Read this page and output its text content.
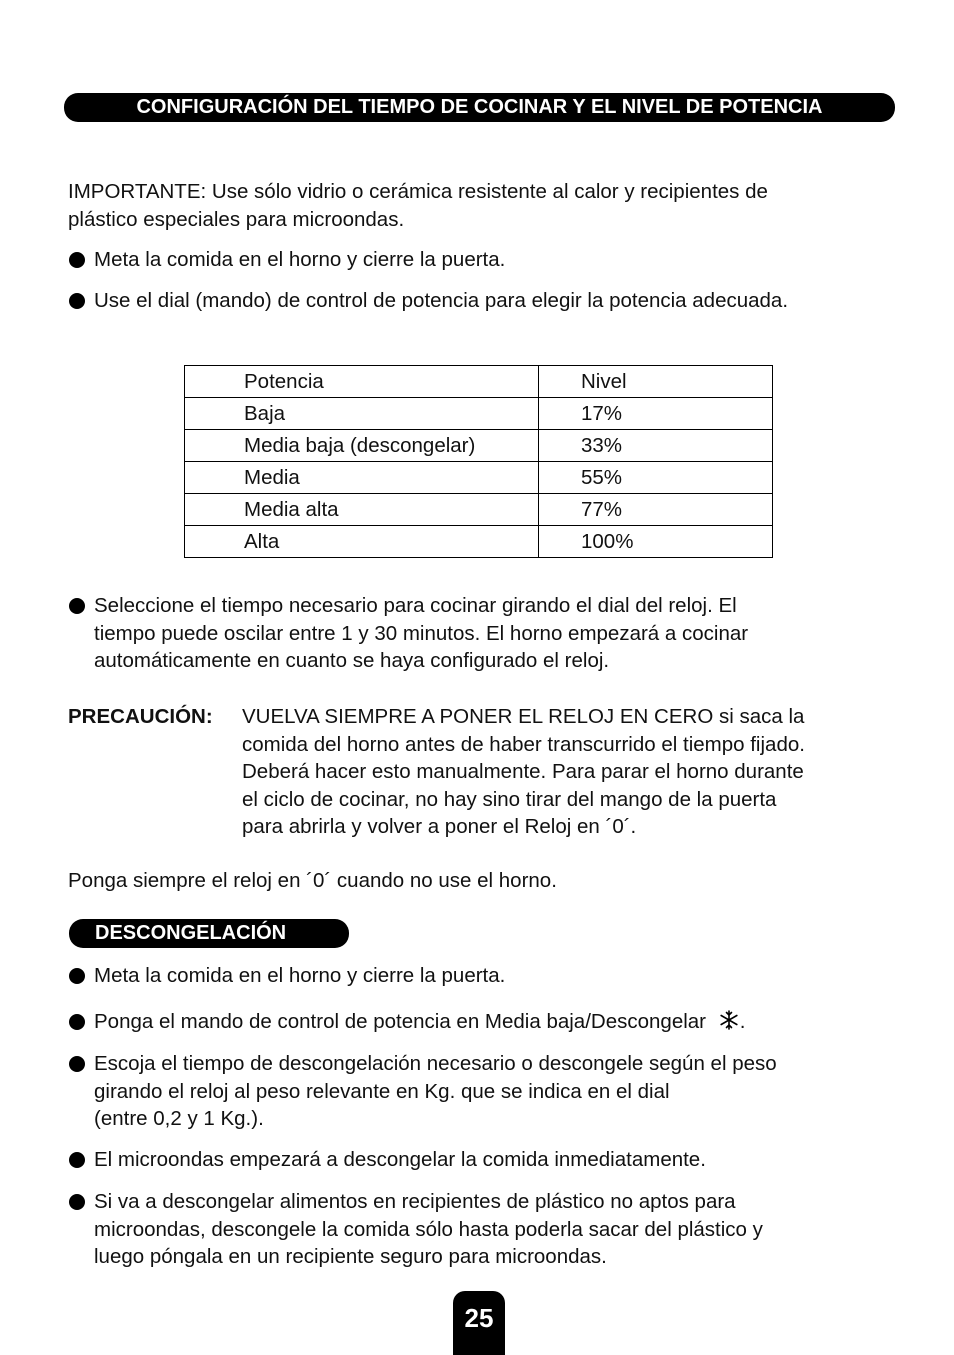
CONFIGURACIÓN DEL TIEMPO DE COCINAR Y EL NIVEL DE POTENCIA
IMPORTANTE: Use sólo vidrio o cerámica resistente al calor y recipientes de
plástico especiales para microondas.
Meta la comida en el horno y cierre la puerta.
Use el dial (mando) de control de potencia para elegir la potencia adecuada.
Potencia	Nivel
Baja	17%
Media baja (descongelar)	33%
Media	55%
Media alta	77%
Alta	100%
Seleccione el tiempo necesario para cocinar girando el dial del reloj. El
tiempo puede oscilar entre 1 y 30 minutos. El horno empezará a cocinar
automáticamente en cuanto se haya configurado el reloj.
PRECAUCIÓN: VUELVA SIEMPRE A PONER EL RELOJ EN CERO si saca la
comida del horno antes de haber transcurrido el tiempo fijado.
Deberá hacer esto manualmente. Para parar el horno durante
el ciclo de cocinar, no hay sino tirar del mango de la puerta
para abrirla y volver a poner el Reloj en ´0´.
Ponga siempre el reloj en ´0´ cuando no use el horno.
DESCONGELACIÓN
Meta la comida en el horno y cierre la puerta.
Ponga el mando de control de potencia en Media baja/Descongelar .
Escoja el tiempo de descongelación necesario o descongele según el peso
girando el reloj al peso relevante en Kg. que se indica en el dial
(entre 0,2 y 1 Kg.).
El microondas empezará a descongelar la comida inmediatamente.
Si va a descongelar alimentos en recipientes de plástico no aptos para
microondas, descongele la comida sólo hasta poderla sacar del plástico y
luego póngala en un recipiente seguro para microondas.
25
